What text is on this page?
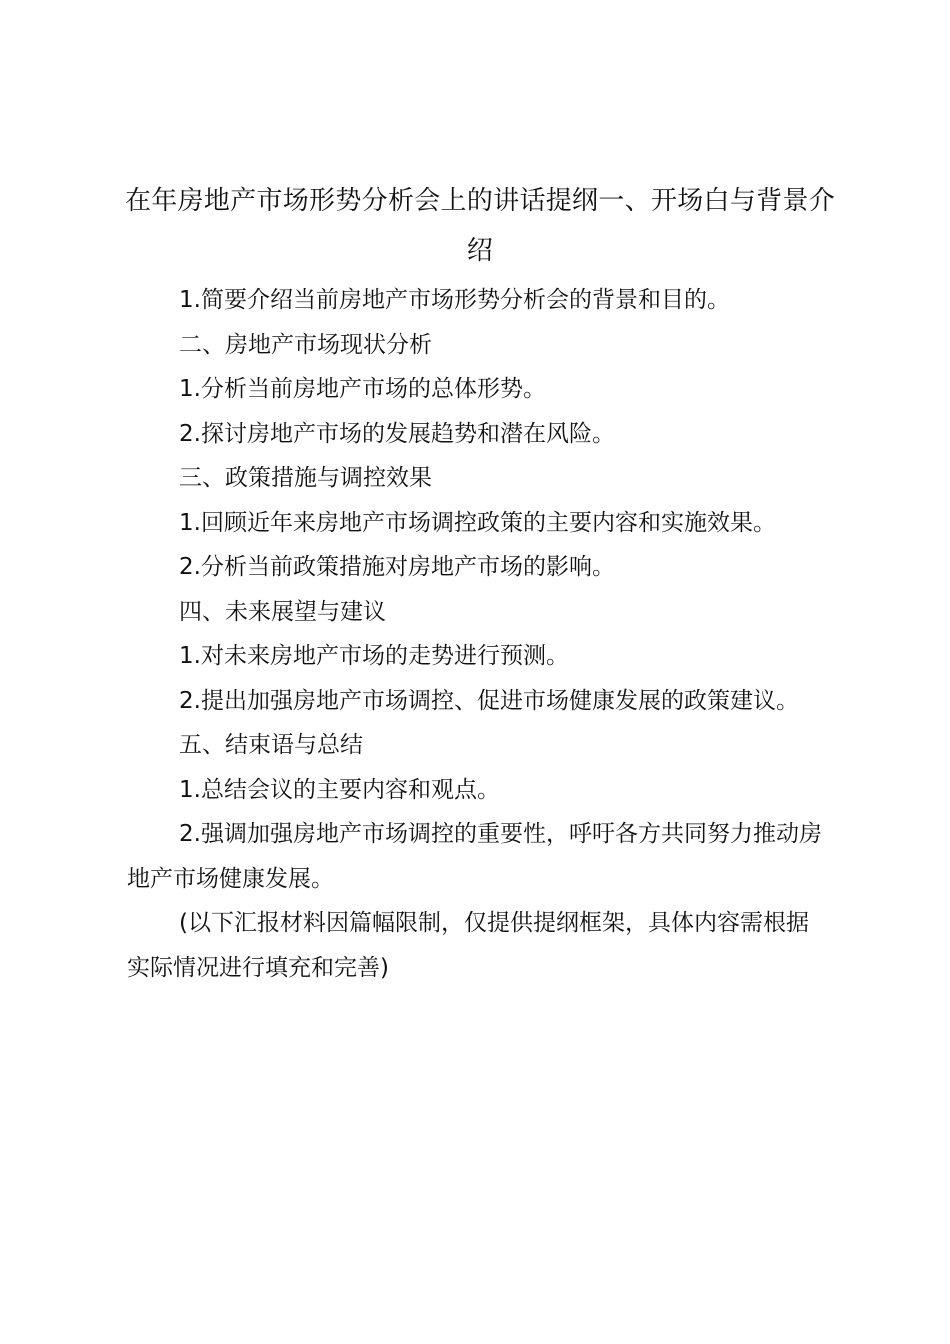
在年房地产市场形势分析会上的讲话提纲一、开场白与背景介绍

1.简要介绍当前房地产市场形势分析会的背景和目的。

二、房地产市场现状分析

1.分析当前房地产市场的总体形势。

2.探讨房地产市场的发展趋势和潜在风险。

三、政策措施与调控效果

1.回顾近年来房地产市场调控政策的主要内容和实施效果。

2.分析当前政策措施对房地产市场的影响。

四、未来展望与建议

1.对未来房地产市场的走势进行预测。

2.提出加强房地产市场调控、促进市场健康发展的政策建议。

五、结束语与总结

1.总结会议的主要内容和观点。

2.强调加强房地产市场调控的重要性，呼吁各方共同努力推动房地产市场健康发展。

(以下汇报材料因篇幅限制，仅提供提纲框架，具体内容需根据实际情况进行填充和完善)
